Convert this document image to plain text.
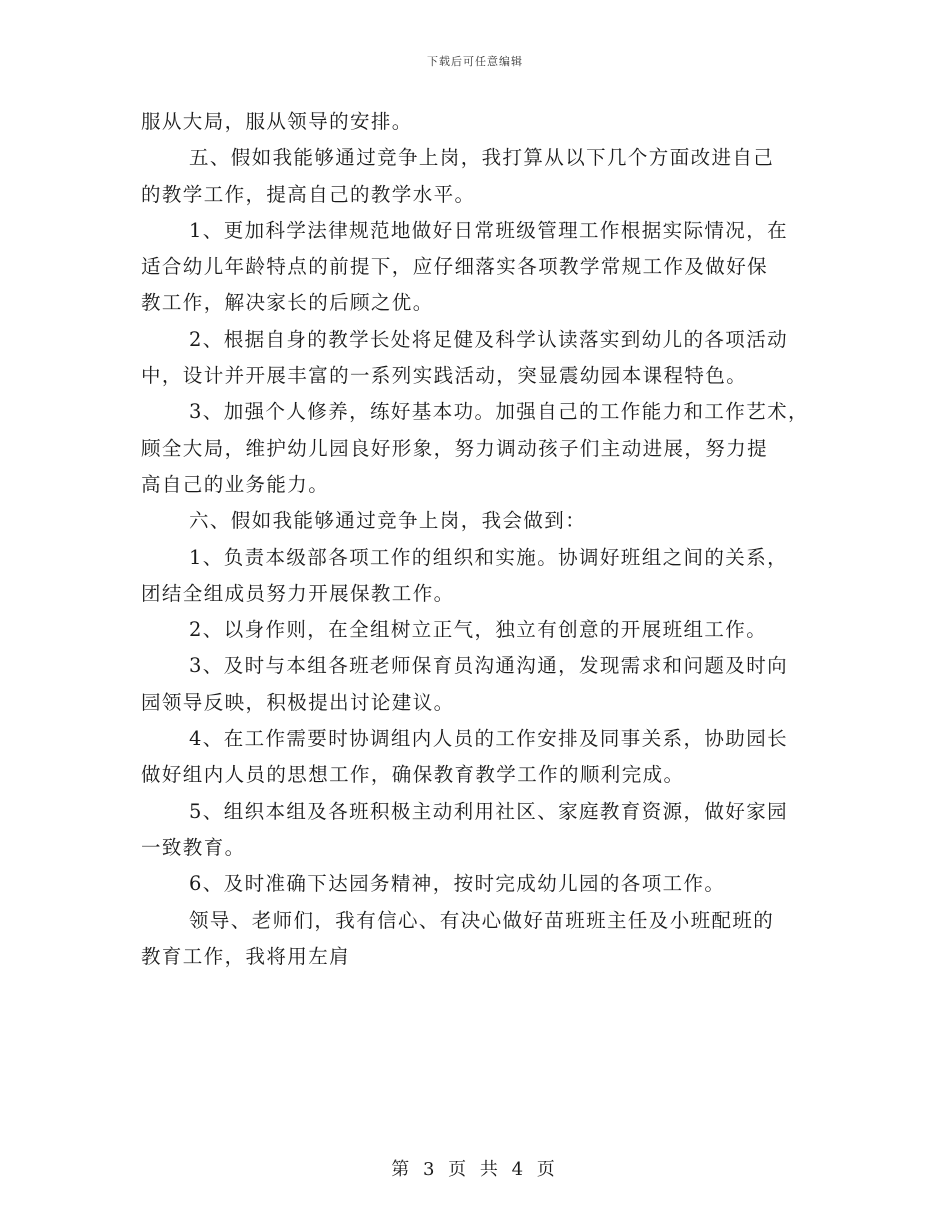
下载后可任意编辑
服从大局，服从领导的安排。
五、假如我能够通过竞争上岗，我打算从以下几个方面改进自己
的教学工作，提高自己的教学水平。
1、更加科学法律规范地做好日常班级管理工作根据实际情况，在
适合幼儿年龄特点的前提下，应仔细落实各项教学常规工作及做好保
教工作，解决家长的后顾之优。
2、根据自身的教学长处将足健及科学认读落实到幼儿的各项活动
中，设计并开展丰富的一系列实践活动，突显震幼园本课程特色。
3、加强个人修养，练好基本功。加强自己的工作能力和工作艺术，
顾全大局，维护幼儿园良好形象，努力调动孩子们主动进展，努力提
高自己的业务能力。
六、假如我能够通过竞争上岗，我会做到：
1、负责本级部各项工作的组织和实施。协调好班组之间的关系，
团结全组成员努力开展保教工作。
2、以身作则，在全组树立正气，独立有创意的开展班组工作。
3、及时与本组各班老师保育员沟通沟通，发现需求和问题及时向
园领导反映，积极提出讨论建议。
4、在工作需要时协调组内人员的工作安排及同事关系，协助园长
做好组内人员的思想工作，确保教育教学工作的顺利完成。
5、组织本组及各班积极主动利用社区、家庭教育资源，做好家园
一致教育。
6、及时准确下达园务精神，按时完成幼儿园的各项工作。
领导、老师们，我有信心、有决心做好苗班班主任及小班配班的
教育工作，我将用左肩
第 3 页 共 4 页
